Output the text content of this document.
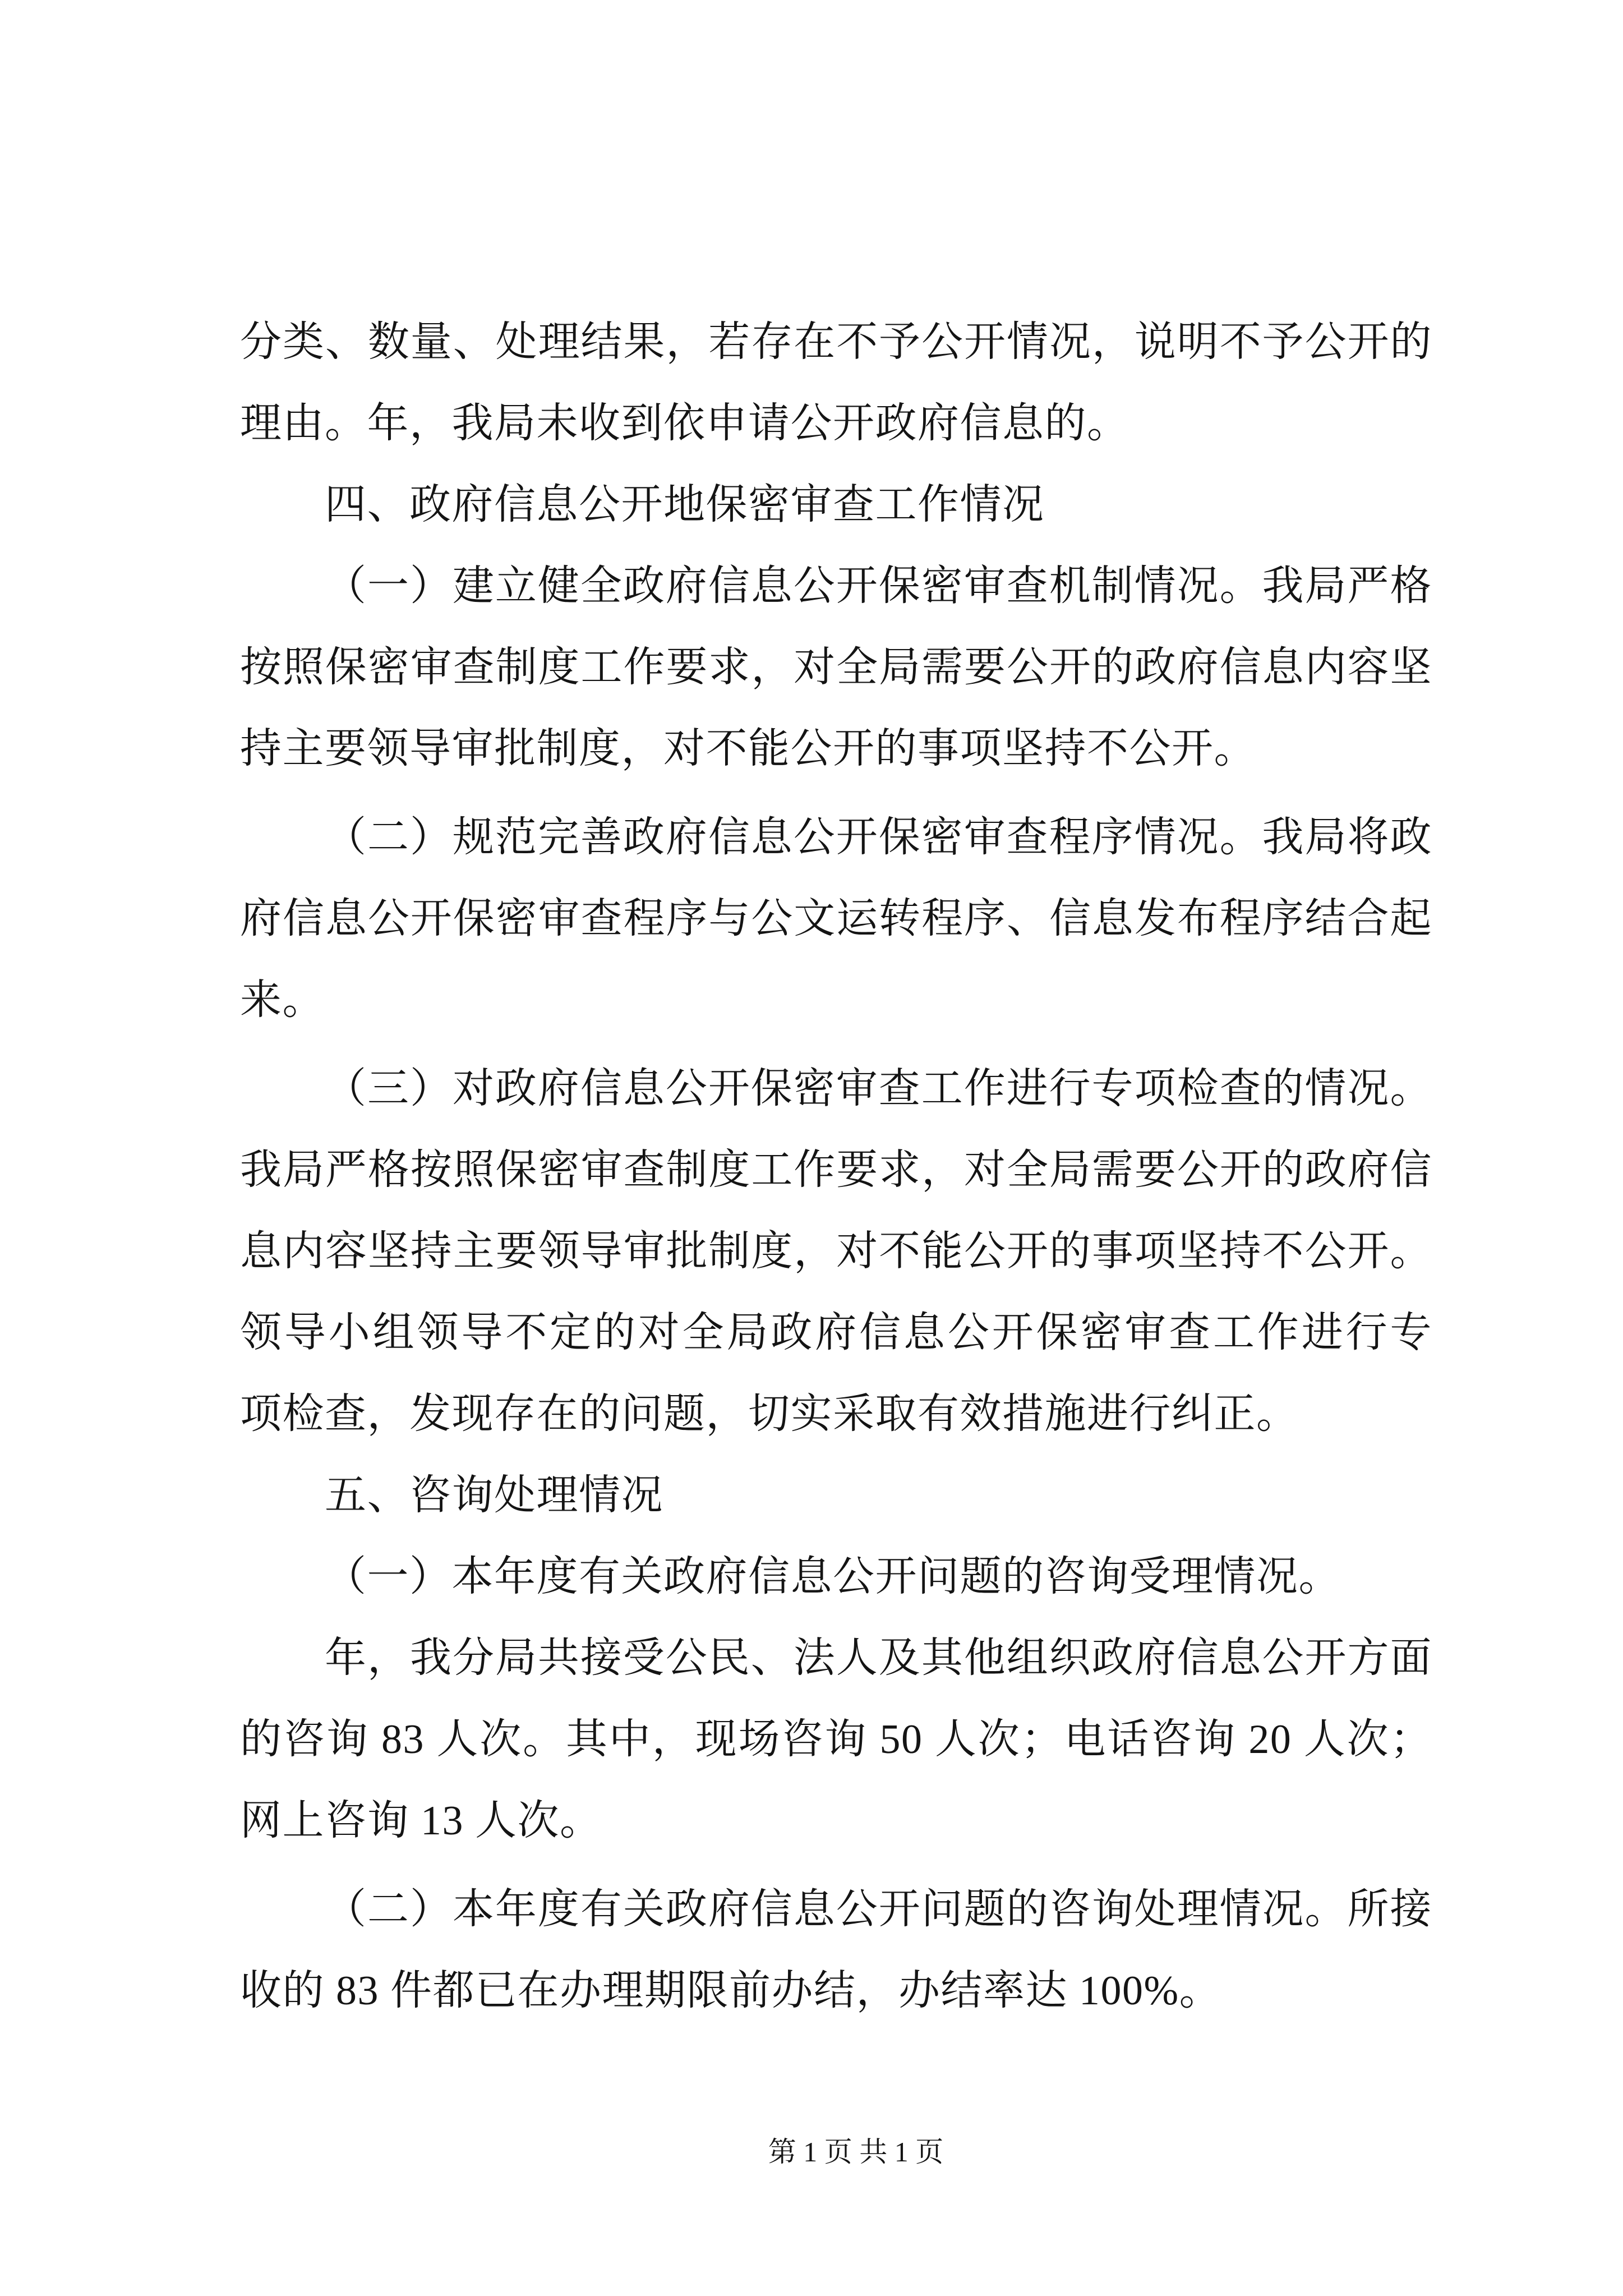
分类、数量、处理结果，若存在不予公开情况，说明不予公开的
理由。年，我局未收到依申请公开政府信息的。
四、政府信息公开地保密审查工作情况
（一）建立健全政府信息公开保密审查机制情况。我局严格
按照保密审查制度工作要求，对全局需要公开的政府信息内容坚
持主要领导审批制度，对不能公开的事项坚持不公开。
（二）规范完善政府信息公开保密审查程序情况。我局将政
府信息公开保密审查程序与公文运转程序、信息发布程序结合起
来。
（三）对政府信息公开保密审查工作进行专项检查的情况。
我局严格按照保密审查制度工作要求，对全局需要公开的政府信
息内容坚持主要领导审批制度，对不能公开的事项坚持不公开。
领导小组领导不定的对全局政府信息公开保密审查工作进行专
项检查，发现存在的问题，切实采取有效措施进行纠正。
五、咨询处理情况
（一）本年度有关政府信息公开问题的咨询受理情况。
年，我分局共接受公民、法人及其他组织政府信息公开方面
的咨询 83 人次。其中，现场咨询 50 人次；电话咨询 20 人次；
网上咨询 13 人次。
（二）本年度有关政府信息公开问题的咨询处理情况。所接
收的 83 件都已在办理期限前办结，办结率达 100%。
第 1 页 共 1 页
